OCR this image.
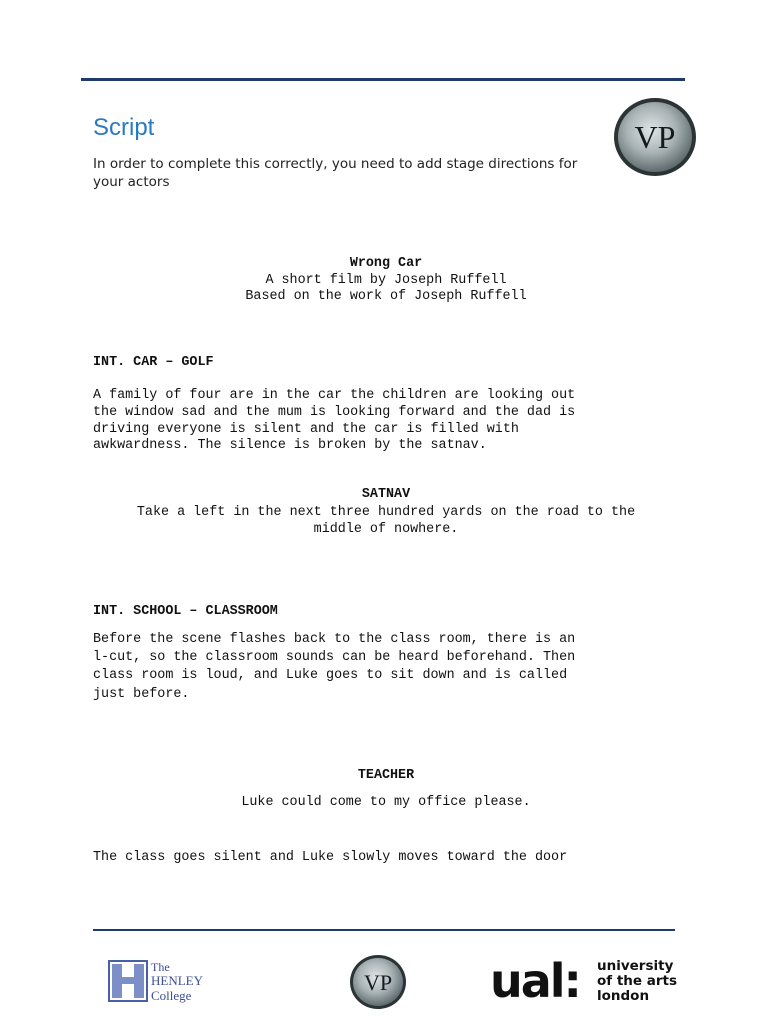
Script
In order to complete this correctly, you need to add stage directions for your actors
VP
Wrong Car
A short film by Joseph Ruffell
Based on the work of Joseph Ruffell
INT. CAR – GOLF
A family of four are in the car the children are looking out
the window sad and the mum is looking forward and the dad is
driving everyone is silent and the car is filled with
awkwardness. The silence is broken by the satnav.
SATNAV
Take a left in the next three hundred yards on the road to the
middle of nowhere.
INT. SCHOOL – CLASSROOM
Before the scene flashes back to the class room, there is an
l-cut, so the classroom sounds can be heard beforehand. Then
class room is loud, and Luke goes to sit down and is called
just before.
TEACHER
Luke could come to my office please.
The class goes silent and Luke slowly moves toward the door
The
HENLEY
College
VP ual: university
of the arts
london
